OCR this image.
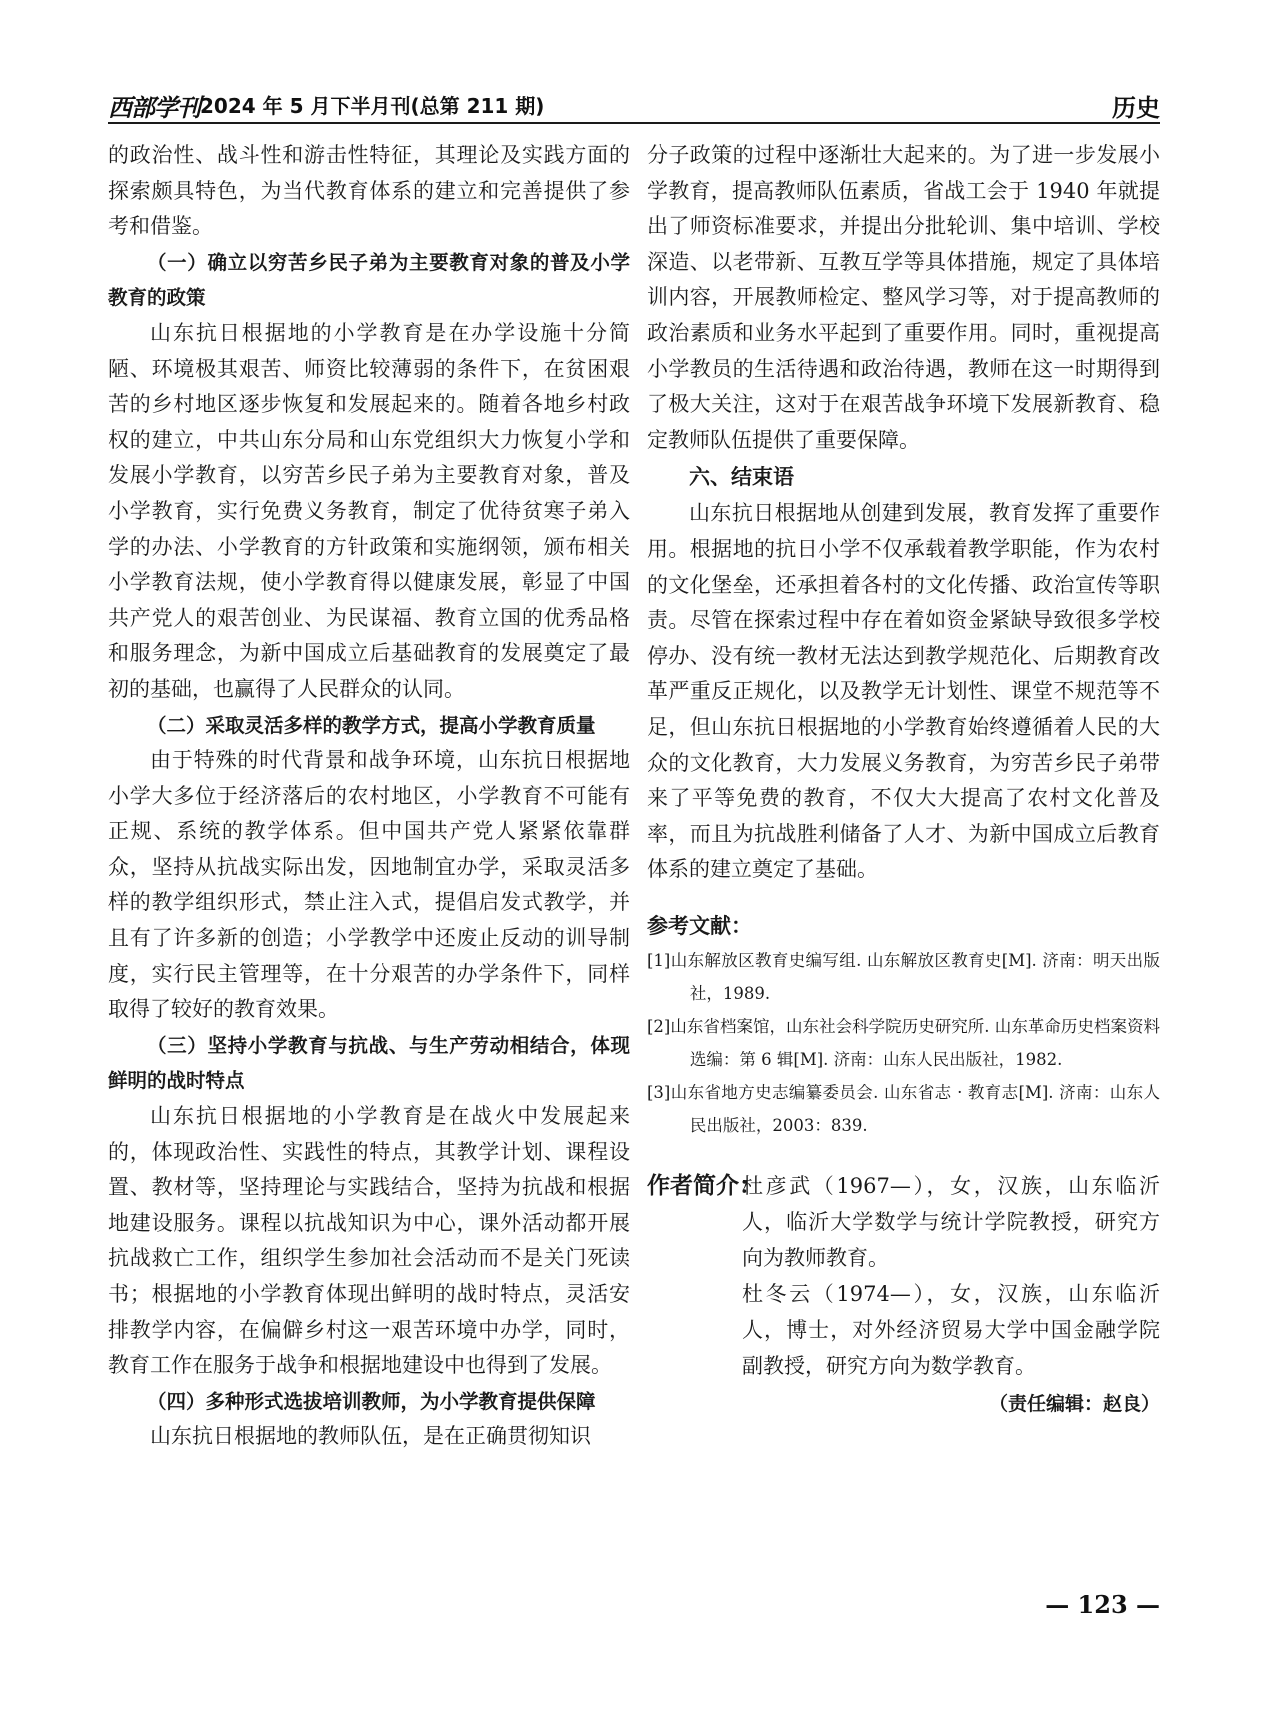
西部学刊 2024 年 5 月下半月刊(总第 211 期)	历史

的政治性、战斗性和游击性特征，其理论及实践方面的探索颇具特色，为当代教育体系的建立和完善提供了参考和借鉴。

（一）确立以穷苦乡民子弟为主要教育对象的普及小学教育的政策

山东抗日根据地的小学教育是在办学设施十分简陋、环境极其艰苦、师资比较薄弱的条件下，在贫困艰苦的乡村地区逐步恢复和发展起来的。随着各地乡村政权的建立，中共山东分局和山东党组织大力恢复小学和发展小学教育，以穷苦乡民子弟为主要教育对象，普及小学教育，实行免费义务教育，制定了优待贫寒子弟入学的办法、小学教育的方针政策和实施纲领，颁布相关小学教育法规，使小学教育得以健康发展，彰显了中国共产党人的艰苦创业、为民谋福、教育立国的优秀品格和服务理念，为新中国成立后基础教育的发展奠定了最初的基础，也赢得了人民群众的认同。

（二）采取灵活多样的教学方式，提高小学教育质量

由于特殊的时代背景和战争环境，山东抗日根据地小学大多位于经济落后的农村地区，小学教育不可能有正规、系统的教学体系。但中国共产党人紧紧依靠群众，坚持从抗战实际出发，因地制宜办学，采取灵活多样的教学组织形式，禁止注入式，提倡启发式教学，并且有了许多新的创造；小学教学中还废止反动的训导制度，实行民主管理等，在十分艰苦的办学条件下，同样取得了较好的教育效果。

（三）坚持小学教育与抗战、与生产劳动相结合，体现鲜明的战时特点

山东抗日根据地的小学教育是在战火中发展起来的，体现政治性、实践性的特点，其教学计划、课程设置、教材等，坚持理论与实践结合，坚持为抗战和根据地建设服务。课程以抗战知识为中心，课外活动都开展抗战救亡工作，组织学生参加社会活动而不是关门死读书；根据地的小学教育体现出鲜明的战时特点，灵活安排教学内容，在偏僻乡村这一艰苦环境中办学，同时，教育工作在服务于战争和根据地建设中也得到了发展。

（四）多种形式选拔培训教师，为小学教育提供保障

山东抗日根据地的教师队伍，是在正确贯彻知识

分子政策的过程中逐渐壮大起来的。为了进一步发展小学教育，提高教师队伍素质，省战工会于 1940 年就提出了师资标准要求，并提出分批轮训、集中培训、学校深造、以老带新、互教互学等具体措施，规定了具体培训内容，开展教师检定、整风学习等，对于提高教师的政治素质和业务水平起到了重要作用。同时，重视提高小学教员的生活待遇和政治待遇，教师在这一时期得到了极大关注，这对于在艰苦战争环境下发展新教育、稳定教师队伍提供了重要保障。

六、结束语

山东抗日根据地从创建到发展，教育发挥了重要作用。根据地的抗日小学不仅承载着教学职能，作为农村的文化堡垒，还承担着各村的文化传播、政治宣传等职责。尽管在探索过程中存在着如资金紧缺导致很多学校停办、没有统一教材无法达到教学规范化、后期教育改革严重反正规化，以及教学无计划性、课堂不规范等不足，但山东抗日根据地的小学教育始终遵循着人民的大众的文化教育，大力发展义务教育，为穷苦乡民子弟带来了平等免费的教育，不仅大大提高了农村文化普及率，而且为抗战胜利储备了人才、为新中国成立后教育体系的建立奠定了基础。

参考文献：
[1]山东解放区教育史编写组. 山东解放区教育史[M]. 济南：明天出版社，1989.
[2]山东省档案馆，山东社会科学院历史研究所. 山东革命历史档案资料选编：第 6 辑[M]. 济南：山东人民出版社，1982.
[3]山东省地方史志编纂委员会. 山东省志 · 教育志[M]. 济南：山东人民出版社，2003：839.
作者简介：
杜彦武（1967—），女，汉族，山东临沂人，临沂大学数学与统计学院教授，研究方向为教师教育。
杜冬云（1974—），女，汉族，山东临沂人，博士，对外经济贸易大学中国金融学院副教授，研究方向为数学教育。
（责任编辑：赵良）
— 123 —
